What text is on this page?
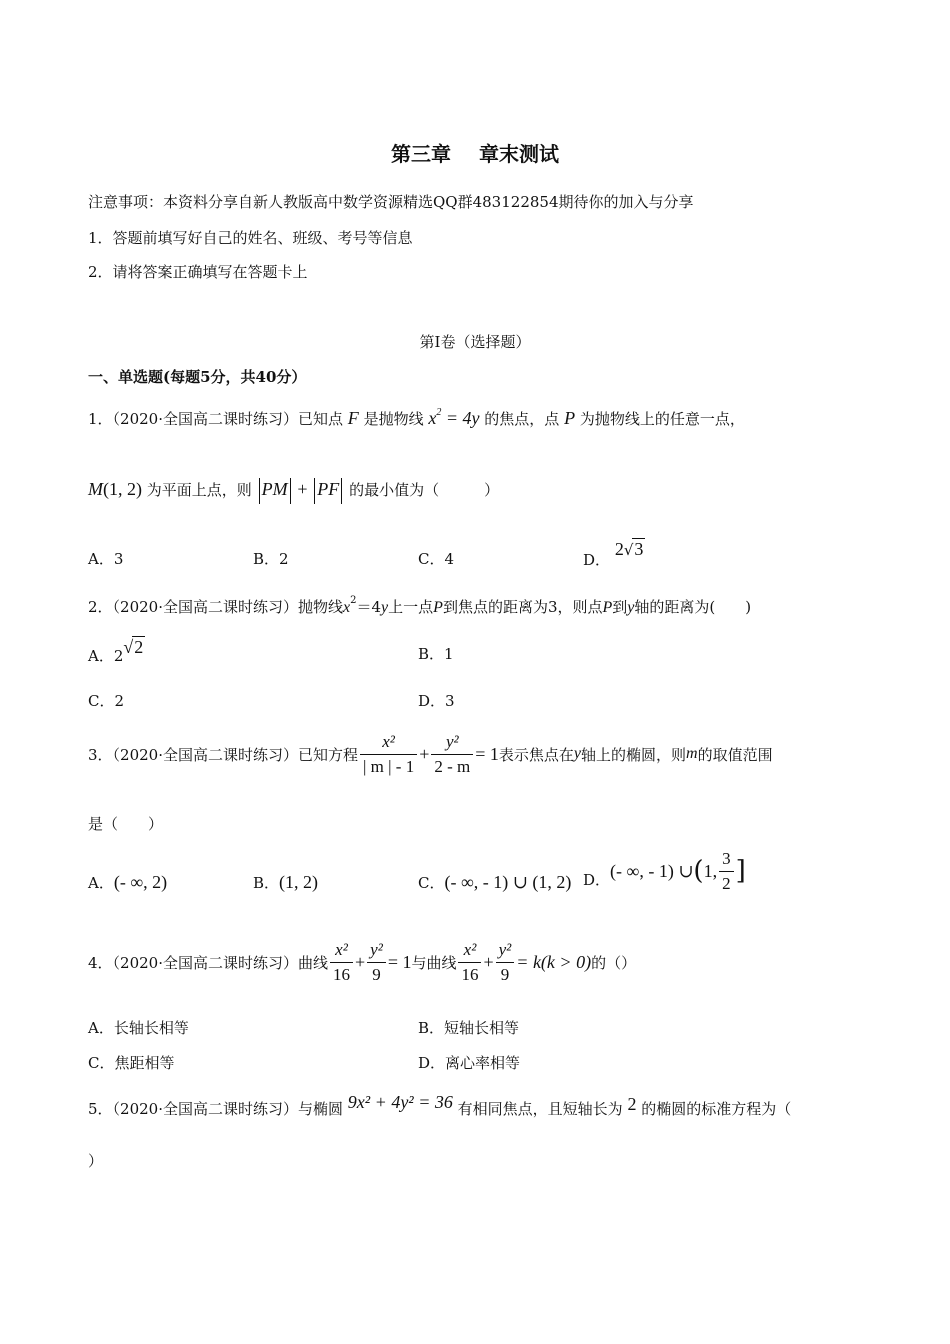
第三章 章末测试
注意事项：本资料分享自新人教版高中数学资源精选QQ群483122854期待你的加入与分享
1．答题前填写好自己的姓名、班级、考号等信息
2．请将答案正确填写在答题卡上
第I卷（选择题）
一、单选题(每题5分，共40分）
1．（2020·全国高二课时练习）已知点 F 是抛物线 $x^2 = 4y$ 的焦点，点 P 为抛物线上的任意一点，
M(1, 2) 为平面上点，则 PM + PF 的最小值为（　　　）
A．3	B．2	C．4	D． 2√3
2．（2020·全国高二课时练习）抛物线$x^2=4y$上一点P到焦点的距离为3，则点P到y轴的距离为(　　)
A．2√2	B．1
C．2	D．3
3．（2020·全国高二课时练习）已知方程 $\frac{\text{x²}}{| m | - 1} + \frac{\text{y²}}{2 - m} = 1$ 表示焦点在 y 轴上的椭圆，则 m 的取值范围
是（　　）
A．(- ∞, 2)	B．(1, 2)	C．(- ∞, - 1) ∪ (1, 2) D． (- ∞, - 1) ∪ ( 1, $\frac{3}{2}$ ]
4．（2020·全国高二课时练习）曲线 $\frac{\text{x²}}{16} + \frac{\text{y²}}{9} = 1$ 与曲线 $\frac{\text{x²}}{16} + \frac{\text{y²}}{9} = k(k > 0)$ 的（）
A．长轴长相等	B．短轴长相等
C．焦距相等	D．离心率相等
5．（2020·全国高二课时练习）与椭圆 9x² + 4y² = 36 有相同焦点，且短轴长为 2 的椭圆的标准方程为（
）
